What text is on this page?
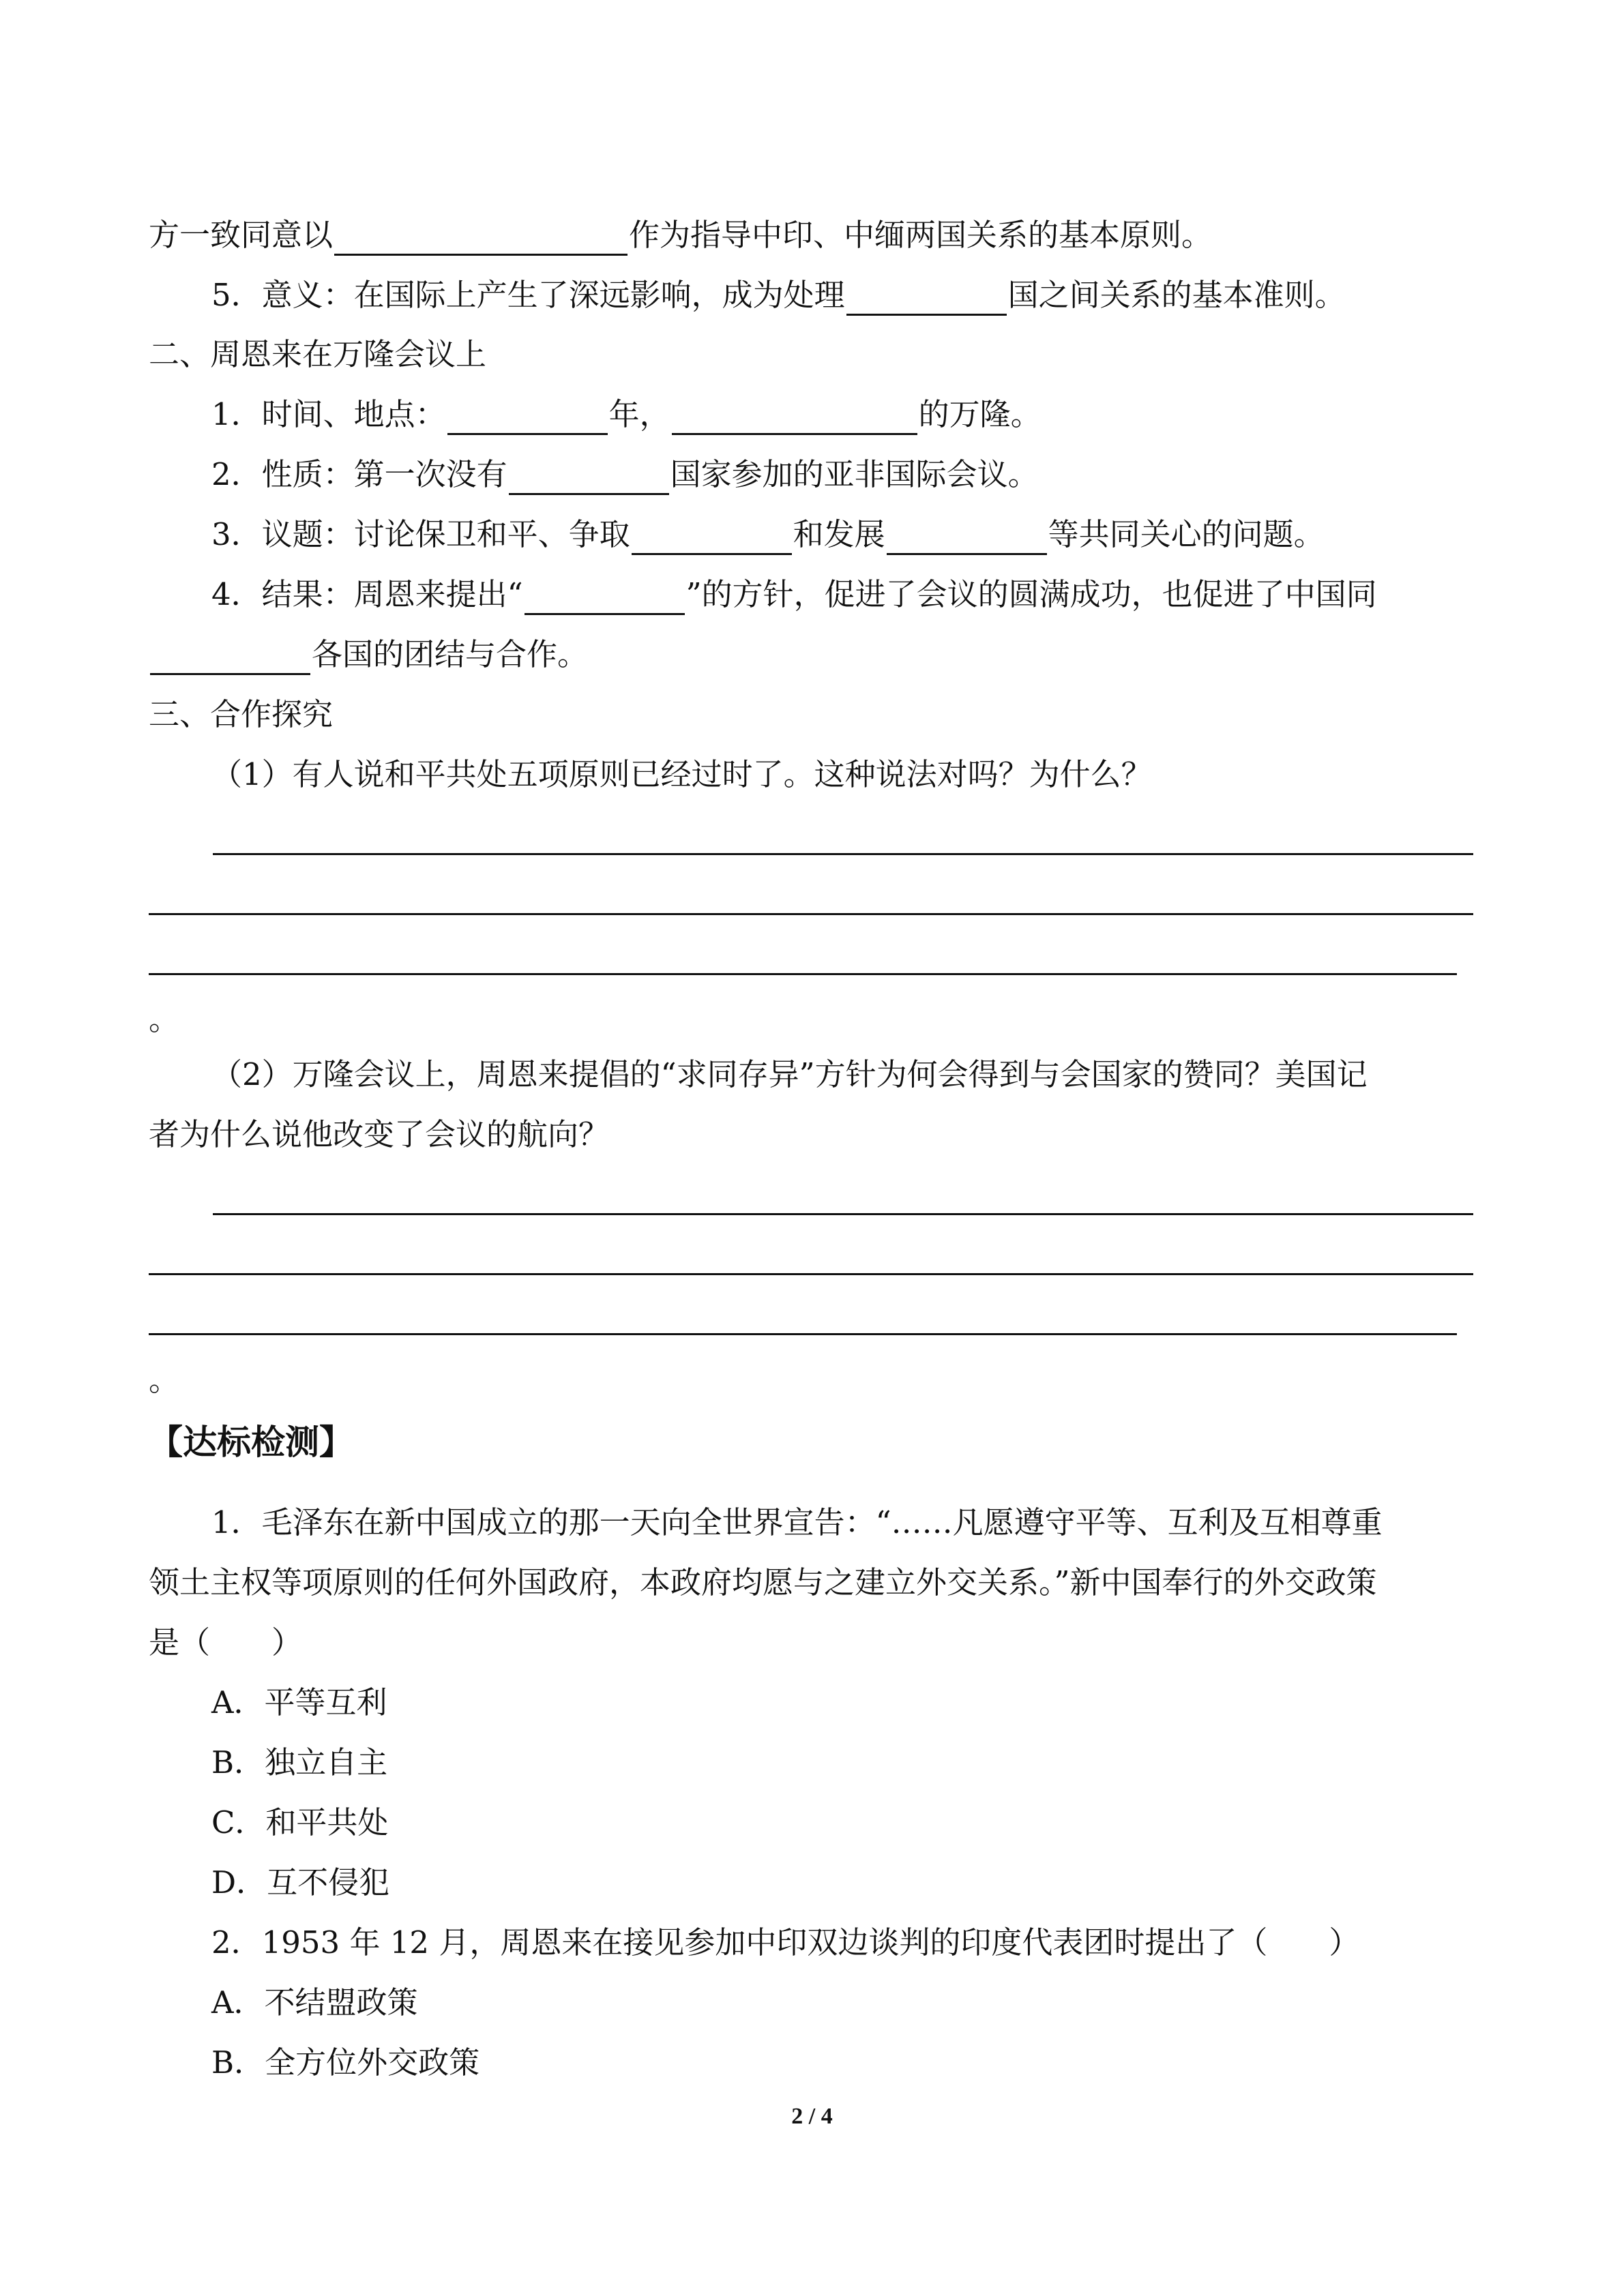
方一致同意以	作为指导中印、中缅两国关系的基本原则。
5．意义：在国际上产生了深远影响，成为处理	国之间关系的基本准则。
二、周恩来在万隆会议上
1．时间、地点：	年，	的万隆。
2．性质：第一次没有	国家参加的亚非国际会议。
3．议题：讨论保卫和平、争取	和发展	等共同关心的问题。
4．结果：周恩来提出“	”的方针，促进了会议的圆满成功，也促进了中国同
各国的团结与合作。
三、合作探究
（1）有人说和平共处五项原则已经过时了。这种说法对吗？为什么？
。
（2）万隆会议上，周恩来提倡的“求同存异”方针为何会得到与会国家的赞同？美国记
者为什么说他改变了会议的航向？
。
【达标检测】
1．毛泽东在新中国成立的那一天向全世界宣告：“……凡愿遵守平等、互利及互相尊重
领土主权等项原则的任何外国政府，本政府均愿与之建立外交关系。”新中国奉行的外交政策
是（　　）
A．平等互利
B．独立自主
C．和平共处
D．互不侵犯
2．1953 年 12 月，周恩来在接见参加中印双边谈判的印度代表团时提出了（　　）
A．不结盟政策
B．全方位外交政策
2 / 4
